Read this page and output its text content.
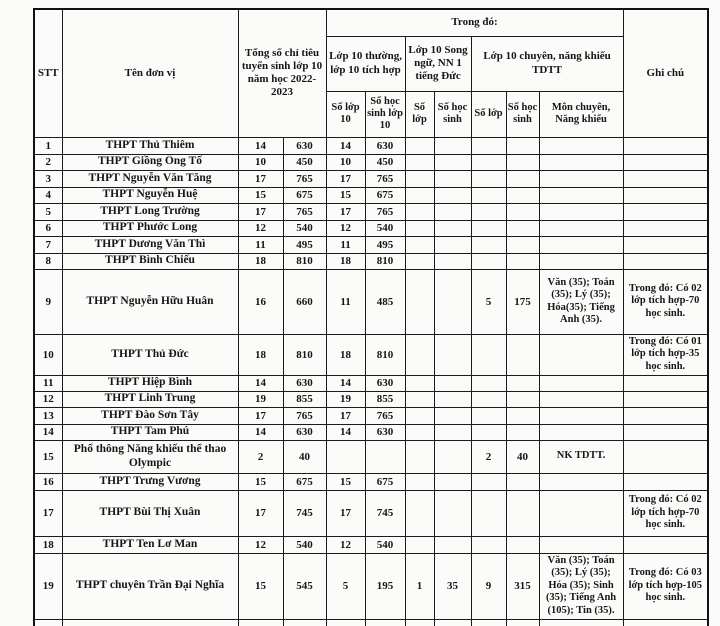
STT	Tên đơn vị	Tổng số chỉ tiêu tuyển sinh lớp 10 năm học 2022-2023		Trong đó:							Ghi chú
				Lớp 10 thường, lớp 10 tích hợp		Lớp 10 Song ngữ, NN 1 tiếng Đức		Lớp 10 chuyên, năng khiếu TDTT			
				Số lớp 10	Số học sinh lớp 10	Số lớp	Số học sinh	Số lớp	Số học sinh	Môn chuyên, Năng khiếu	
1	THPT Thủ Thiêm	14	630	14	630						
2	THPT Giồng Ông Tố	10	450	10	450						
3	THPT Nguyễn Văn Tăng	17	765	17	765						
4	THPT Nguyễn Huệ	15	675	15	675						
5	THPT Long Trường	17	765	17	765						
6	THPT Phước Long	12	540	12	540						
7	THPT Dương Văn Thì	11	495	11	495						
8	THPT Bình Chiểu	18	810	18	810						
9	THPT Nguyễn Hữu Huân	16	660	11	485			5	175	Văn (35); Toán (35); Lý (35); Hóa(35); Tiếng Anh (35).	Trong đó: Có 02 lớp tích hợp-70 học sinh.
10	THPT Thủ Đức	18	810	18	810						Trong đó: Có 01 lớp tích hợp-35 học sinh.
11	THPT Hiệp Bình	14	630	14	630						
12	THPT Linh Trung	19	855	19	855						
13	THPT Đào Sơn Tây	17	765	17	765						
14	THPT Tam Phú	14	630	14	630						
15	Phổ thông Năng khiếu thể thao Olympic	2	40					2	40	NK TDTT.	
16	THPT Trưng Vương	15	675	15	675						
17	THPT Bùi Thị Xuân	17	745	17	745						Trong đó: Có 02 lớp tích hợp-70 học sinh.
18	THPT Ten Lơ Man	12	540	12	540						
19	THPT chuyên Trần Đại Nghĩa	15	545	5	195	1	35	9	315	Văn (35); Toán (35); Lý (35); Hóa (35); Sinh (35); Tiếng Anh (105); Tin (35).	Trong đó: Có 03 lớp tích hợp-105 học sinh.
